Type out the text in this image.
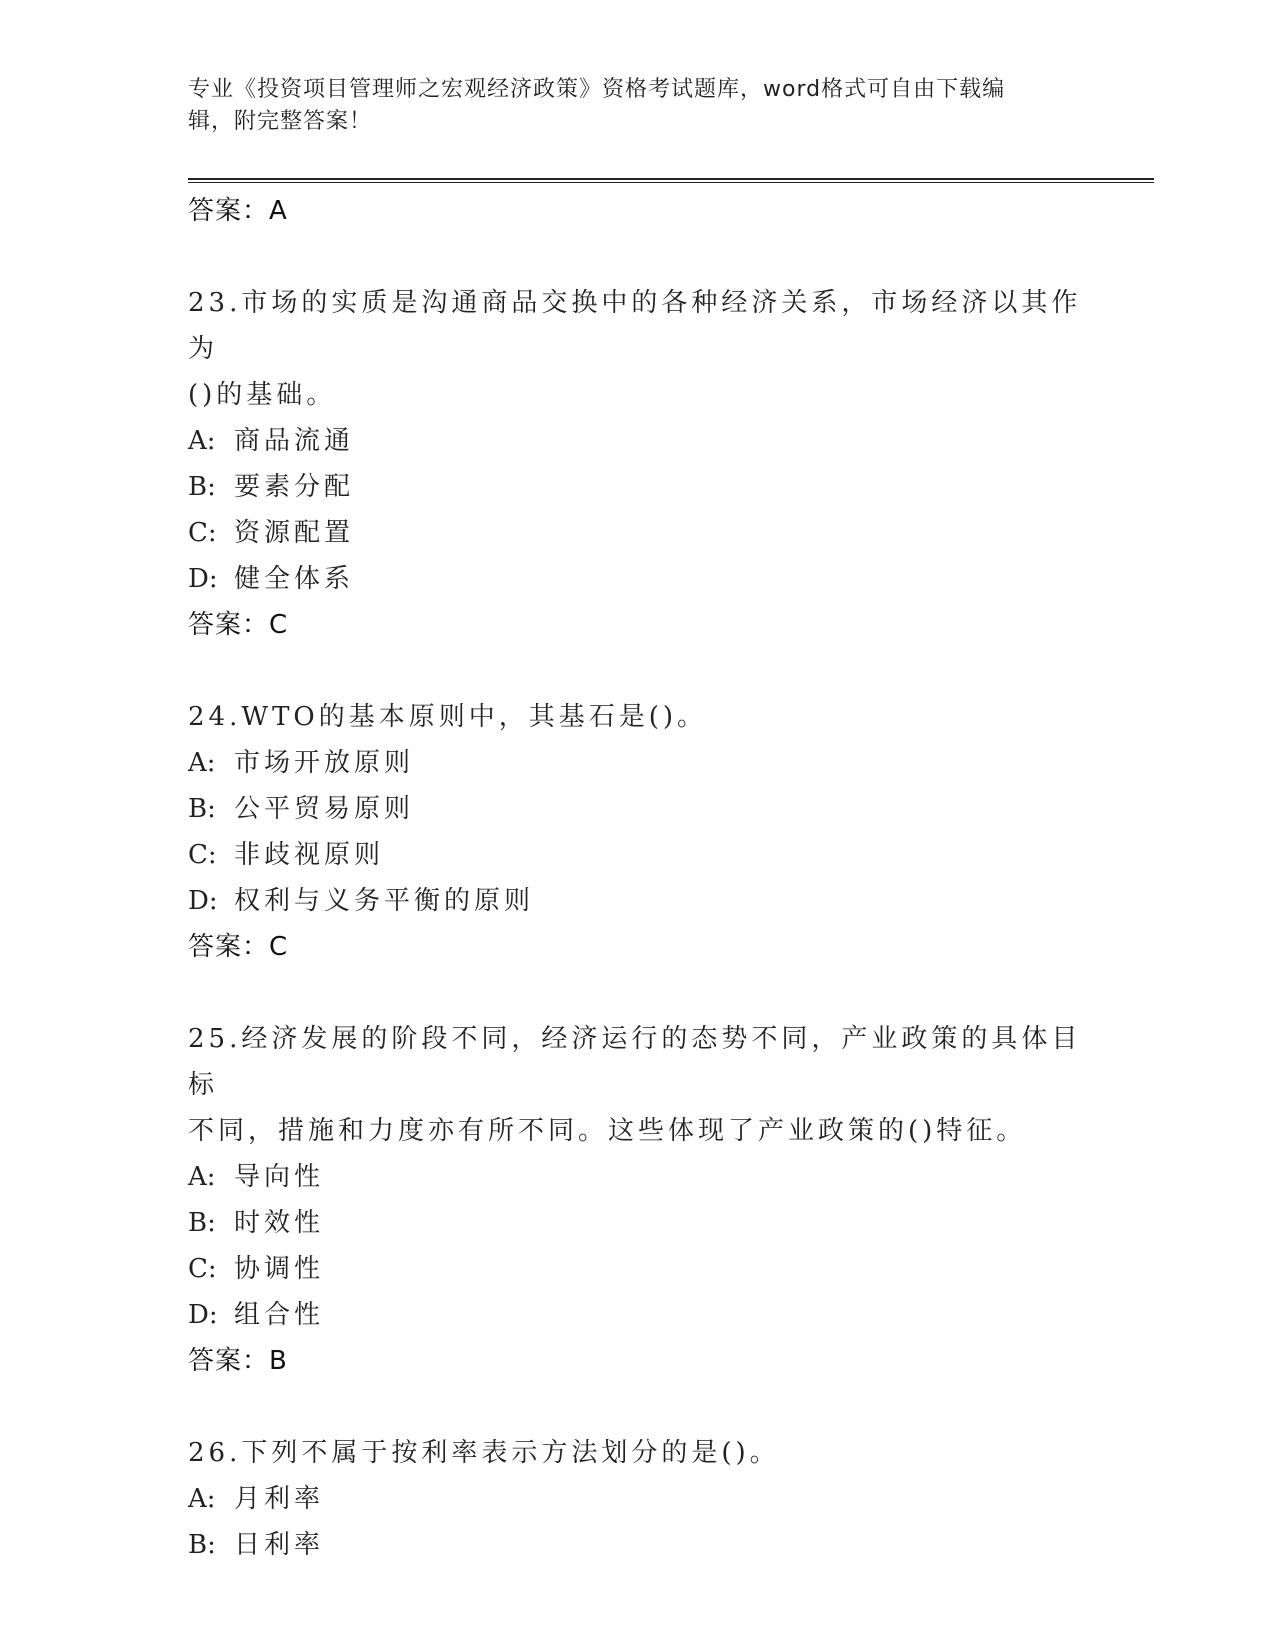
专业《投资项目管理师之宏观经济政策》资格考试题库，word格式可自由下载编
辑，附完整答案！
答案：A
23.市场的实质是沟通商品交换中的各种经济关系，市场经济以其作为
()的基础。
A: 商品流通
B: 要素分配
C: 资源配置
D: 健全体系
答案：C
24.WTO的基本原则中，其基石是()。
A: 市场开放原则
B: 公平贸易原则
C: 非歧视原则
D: 权利与义务平衡的原则
答案：C
25.经济发展的阶段不同，经济运行的态势不同，产业政策的具体目标
不同，措施和力度亦有所不同。这些体现了产业政策的()特征。
A: 导向性
B: 时效性
C: 协调性
D: 组合性
答案：B
26.下列不属于按利率表示方法划分的是()。
A: 月利率
B: 日利率
